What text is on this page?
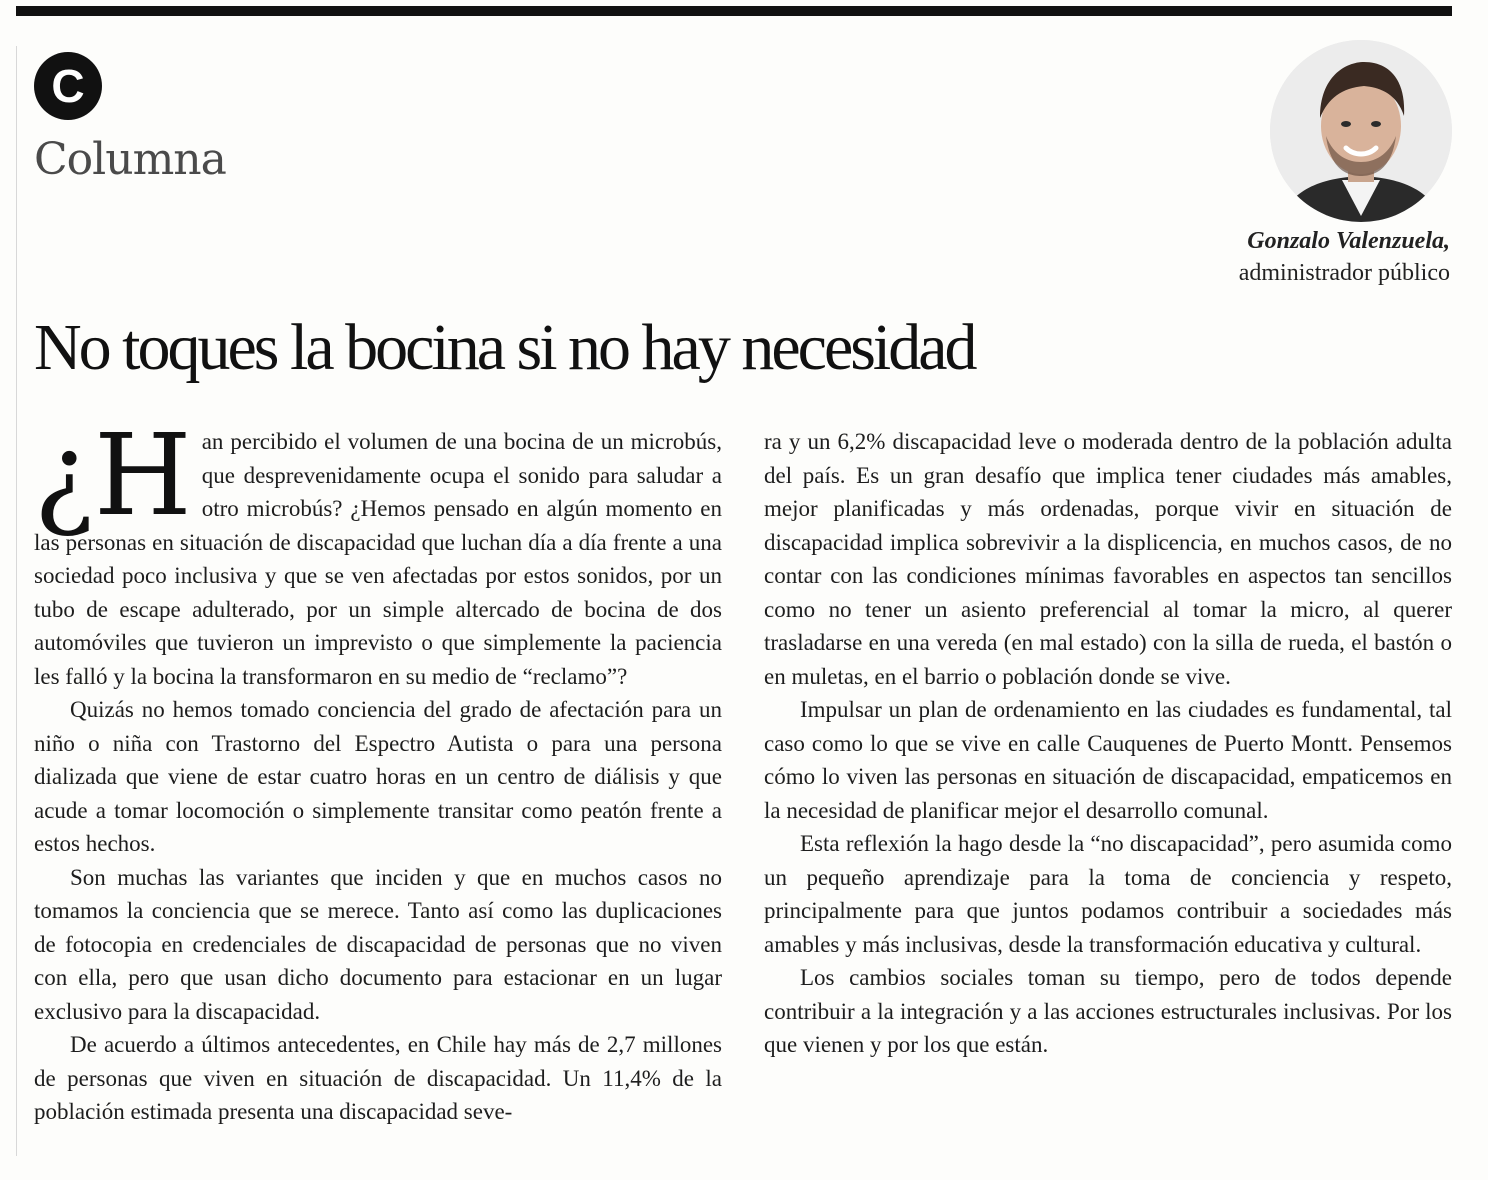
C
Columna
Gonzalo Valenzuela,
administrador público
No toques la bocina si no hay necesidad

¿H an percibido el volumen de una bocina de un microbús, que desprevenidamente ocupa el sonido para saludar a otro microbús? ¿Hemos pensado en algún momento en las personas en situación de discapacidad que luchan día a día frente a una sociedad poco inclusiva y que se ven afectadas por estos sonidos, por un tubo de escape adulterado, por un simple altercado de bocina de dos automóviles que tuvieron un imprevisto o que simplemente la paciencia les falló y la bocina la transformaron en su medio de “reclamo”?

Quizás no hemos tomado conciencia del grado de afectación para un niño o niña con Trastorno del Espectro Autista o para una persona dializada que viene de estar cuatro horas en un centro de diálisis y que acude a tomar locomoción o simplemente transitar como peatón frente a estos hechos.

Son muchas las variantes que inciden y que en muchos casos no tomamos la conciencia que se merece. Tanto así como las duplicaciones de fotocopia en credenciales de discapacidad de personas que no viven con ella, pero que usan dicho documento para estacionar en un lugar exclusivo para la discapacidad.

De acuerdo a últimos antecedentes, en Chile hay más de 2,7 millones de personas que viven en situación de discapacidad. Un 11,4% de la población estimada presenta una discapacidad seve-

ra y un 6,2% discapacidad leve o moderada dentro de la población adulta del país. Es un gran desafío que implica tener ciudades más amables, mejor planificadas y más ordenadas, porque vivir en situación de discapacidad implica sobrevivir a la displicencia, en muchos casos, de no contar con las condiciones mínimas favorables en aspectos tan sencillos como no tener un asiento preferencial al tomar la micro, al querer trasladarse en una vereda (en mal estado) con la silla de rueda, el bastón o en muletas, en el barrio o población donde se vive.

Impulsar un plan de ordenamiento en las ciudades es fundamental, tal caso como lo que se vive en calle Cauquenes de Puerto Montt. Pensemos cómo lo viven las personas en situación de discapacidad, empaticemos en la necesidad de planificar mejor el desarrollo comunal.

Esta reflexión la hago desde la “no discapacidad”, pero asumida como un pequeño aprendizaje para la toma de conciencia y respeto, principalmente para que juntos podamos contribuir a sociedades más amables y más inclusivas, desde la transformación educativa y cultural.

Los cambios sociales toman su tiempo, pero de todos depende contribuir a la integración y a las acciones estructurales inclusivas. Por los que vienen y por los que están.
